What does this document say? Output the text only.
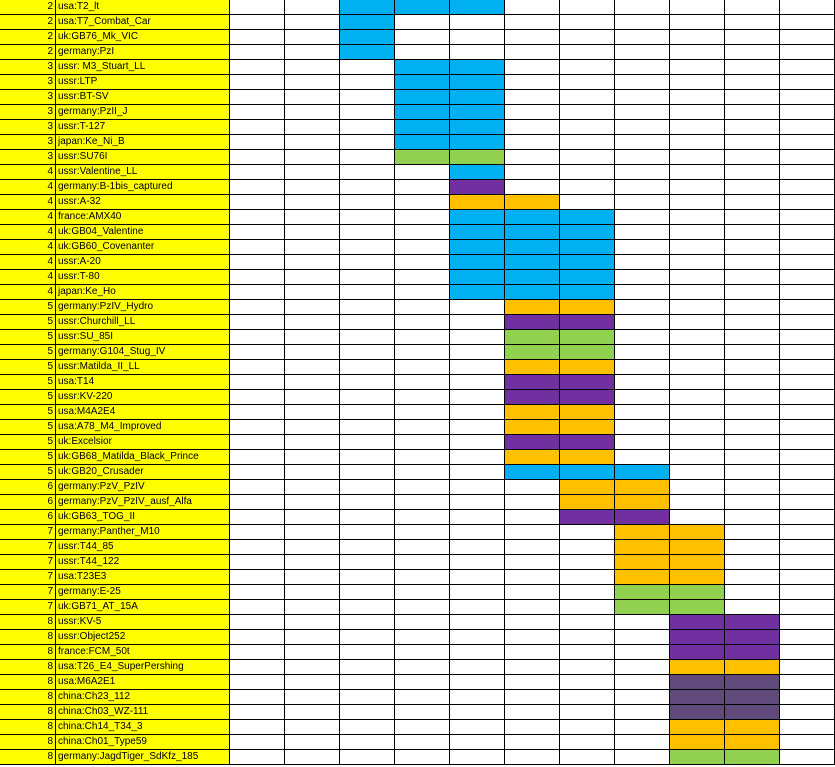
2 usa:T2_lt
2 usa:T7_Combat_Car
2 uk:GB76_Mk_VIC
2 germany:PzI
3 ussr: M3_Stuart_LL
3 ussr:LTP
3 ussr:BT-SV
3 germany:PzII_J
3 ussr:T-127
3 japan:Ke_Ni_B
3 ussr:SU76I
4 ussr:Valentine_LL
4 germany:B-1bis_captured
4 ussr:A-32
4 france:AMX40
4 uk:GB04_Valentine
4 uk:GB60_Covenanter
4 ussr:A-20
4 ussr:T-80
4 japan:Ke_Ho
5 germany:PzIV_Hydro
5 ussr:Churchill_LL
5 ussr:SU_85I
5 germany:G104_Stug_IV
5 ussr:Matilda_II_LL
5 usa:T14
5 ussr:KV-220
5 usa:M4A2E4
5 usa:A78_M4_Improved
5 uk:Excelsior
5 uk:GB68_Matilda_Black_Prince
5 uk:GB20_Crusader
6 germany:PzV_PzIV
6 germany:PzV_PzIV_ausf_Alfa
6 uk:GB63_TOG_II
7 germany:Panther_M10
7 ussr:T44_85
7 ussr:T44_122
7 usa:T23E3
7 germany:E-25
7 uk:GB71_AT_15A
8 ussr:KV-5
8 ussr:Object252
8 france:FCM_50t
8 usa:T26_E4_SuperPershing
8 usa:M6A2E1
8 china:Ch23_112
8 china:Ch03_WZ-111
8 china:Ch14_T34_3
8 china:Ch01_Type59
8 germany:JagdTiger_SdKfz_185
